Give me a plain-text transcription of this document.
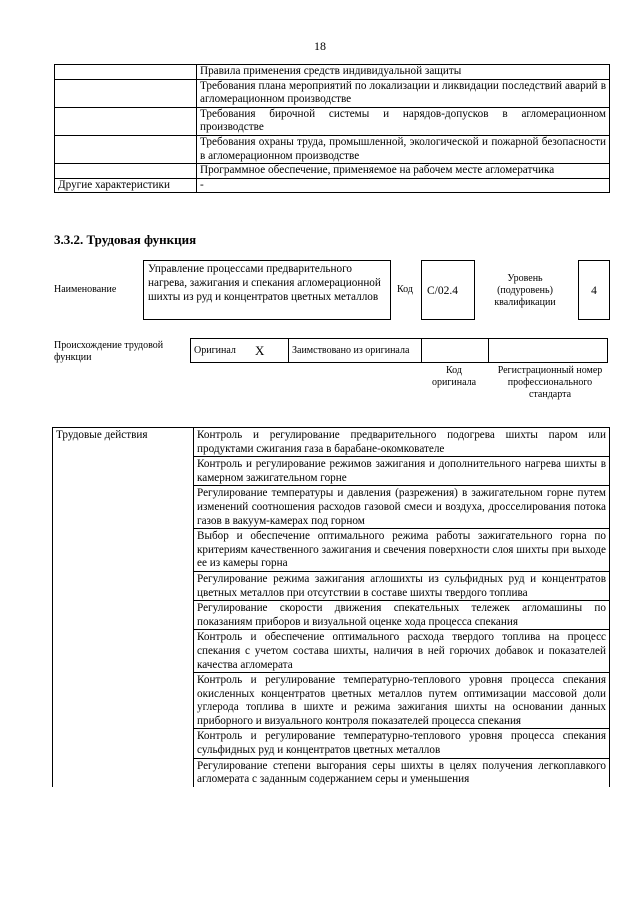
18
	Правила применения средств индивидуальной защиты
	Требования плана мероприятий по локализации и ликвидации последствий аварий в агломерационном производстве
	Требования бирочной системы и нарядов-допусков в агломерационном производстве
	Требования охраны труда, промышленной, экологической и пожарной безопасности в агломерационном производстве
	Программное обеспечение, применяемое на рабочем месте агломератчика
Другие характеристики	-
3.3.2. Трудовая функция
Наименование
Управление процессами предварительного нагрева, зажигания и спекания агломерационной шихты из руд и концентратов цветных металлов
Код	С/02.4
Уровень (подуровень) квалификации
4
Происхождение трудовой функции
Оригинал	X	Заимствовано из оригинала		
Код оригинала
Регистрационный номер профессионального стандарта
Трудовые действия	Контроль и регулирование предварительного подогрева шихты паром или продуктами сжигания газа в барабане-окомкователе
Контроль и регулирование режимов зажигания и дополнительного нагрева шихты в камерном зажигательном горне
Регулирование температуры и давления (разрежения) в зажигательном горне путем изменений соотношения расходов газовой смеси и воздуха, дросселирования потока газов в вакуум-камерах под горном
Выбор и обеспечение оптимального режима работы зажигательного горна по критериям качественного зажигания и свечения поверхности слоя шихты при выходе ее из камеры горна
Регулирование режима зажигания аглошихты из сульфидных руд и концентратов цветных металлов при отсутствии в составе шихты твердого топлива
Регулирование скорости движения спекательных тележек агломашины по показаниям приборов и визуальной оценке хода процесса спекания
Контроль и обеспечение оптимального расхода твердого топлива на процесс спекания с учетом состава шихты, наличия в ней горючих добавок и показателей качества агломерата
Контроль и регулирование температурно-теплового уровня процесса спекания окисленных концентратов цветных металлов путем оптимизации массовой доли углерода топлива в шихте и режима зажигания шихты на основании данных приборного и визуального контроля показателей процесса спекания
Контроль и регулирование температурно-теплового уровня процесса спекания сульфидных руд и концентратов цветных металлов
Регулирование степени выгорания серы шихты в целях получения легкоплавкого агломерата с заданным содержанием серы и уменьшения
